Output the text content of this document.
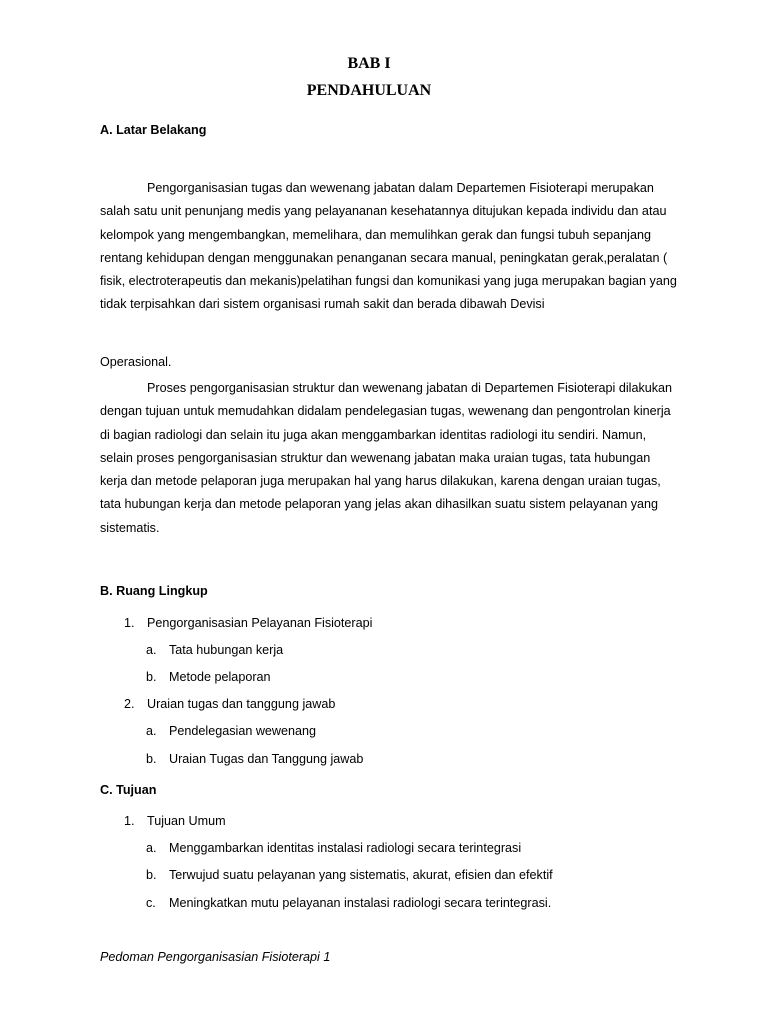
BAB I
PENDAHULUAN
A. Latar Belakang
Pengorganisasian tugas dan wewenang jabatan dalam Departemen Fisioterapi merupakan salah satu unit penunjang medis yang pelayananan kesehatannya ditujukan kepada individu dan atau kelompok yang mengembangkan, memelihara, dan memulihkan gerak dan fungsi tubuh sepanjang rentang kehidupan dengan menggunakan penanganan secara manual, peningkatan gerak,peralatan ( fisik, electroterapeutis dan mekanis)pelatihan fungsi dan komunikasi yang juga merupakan bagian yang tidak terpisahkan dari sistem organisasi rumah sakit dan berada dibawah Devisi
Operasional.
Proses pengorganisasian struktur dan wewenang jabatan di Departemen Fisioterapi dilakukan dengan tujuan untuk memudahkan didalam pendelegasian tugas, wewenang dan pengontrolan kinerja di bagian radiologi dan selain itu juga akan menggambarkan identitas radiologi itu sendiri. Namun, selain proses pengorganisasian struktur dan wewenang jabatan maka uraian tugas, tata hubungan kerja dan metode pelaporan juga merupakan hal yang harus dilakukan, karena dengan uraian tugas, tata hubungan kerja dan metode pelaporan yang jelas akan dihasilkan suatu sistem pelayanan yang sistematis.
B. Ruang Lingkup
1. Pengorganisasian Pelayanan Fisioterapi
a. Tata hubungan kerja
b. Metode pelaporan
2. Uraian tugas dan tanggung jawab
a. Pendelegasian wewenang
b. Uraian Tugas dan Tanggung jawab
C. Tujuan
1. Tujuan Umum
a. Menggambarkan identitas instalasi radiologi secara terintegrasi
b. Terwujud suatu pelayanan yang sistematis, akurat, efisien dan efektif
c. Meningkatkan mutu pelayanan instalasi radiologi secara terintegrasi.
Pedoman Pengorganisasian Fisioterapi 1
